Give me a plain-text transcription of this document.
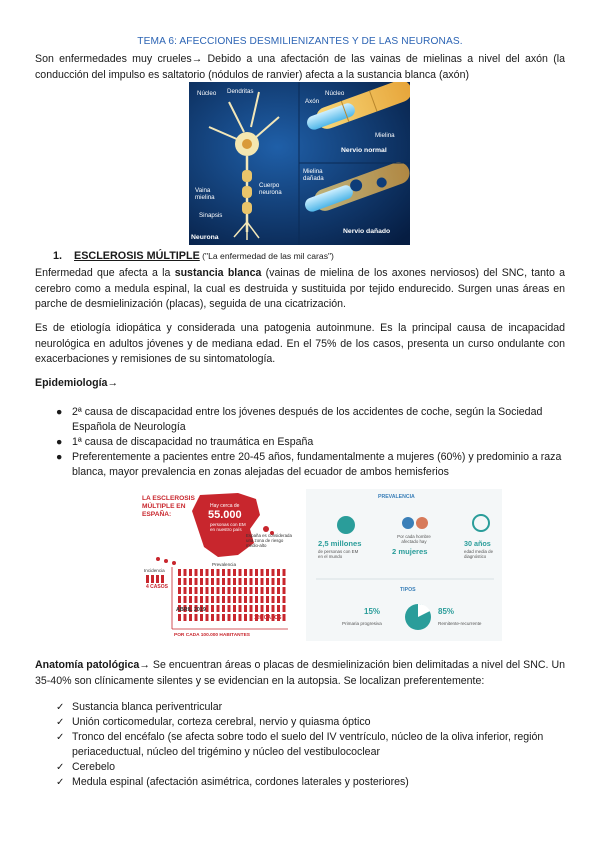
TEMA 6: AFECCIONES DESMILIENIZANTES Y DE LAS NEURONAS.

Son enfermedades muy crueles→ Debido a una afectación de las vainas de mielinas a nivel del axón (la conducción del impulso es saltatorio (nódulos de ranvier) afecta a la sustancia blanca (axón)

Núcleo Dendritas
Axón
Núcleo
Mielina
Nervio normal
Vaina
mielina
Cuerpo
neurona
Sinapsis
Neurona
Mielina
dañada
Nervio dañado
1. ESCLEROSIS MÚLTIPLE ("La enfermedad de las mil caras")

Enfermedad que afecta a la sustancia blanca (vainas de mielina de los axones nerviosos) del SNC, tanto a cerebro como a medula espinal, la cual es destruida y sustituida por tejido endurecido. Surgen unas áreas en parche de desmielinización (placas), seguida de una cicatrización.

Es de etiología idiopática y considerada una patogenia autoinmune. Es la principal causa de incapacidad neurológica en adultos jóvenes y de mediana edad. En el 75% de los casos, presenta un curso ondulante con exacerbaciones y remisiones de su sintomatología.

Epidemiología→
● 2ª causa de discapacidad entre los jóvenes después de los accidentes de coche, según la Sociedad Española de Neurología
● 1ª causa de discapacidad no traumática en España
● Preferentemente a pacientes entre 20-45 años, fundamentalmente a mujeres (60%) y predominio a raza blanca, mayor prevalencia en zonas alejadas del ecuador de ambos hemisferios
LA ESCLEROSIS MÚLTIPLE EN ESPAÑA:
Hay cerca de
55.000
personas con EM en nuestro país
España es considerada una zona de riesgo medio-alto
Incidencia
4 CASOS
Prevalencia
ABRIL 2019
120 CASOS
POR CADA 100.000 HABITANTES
PREVALENCIA
2,5 millones
de personas con EM en el mundo
Por cada hombre afectado hay
2 mujeres
30 años
edad media de diagnóstico
TIPOS
15%
Primaria progresiva
85%
Remitente-recurrente

Anatomía patológica→ Se encuentran áreas o placas de desmielinización bien delimitadas a nivel del SNC. Un 35-40% son clínicamente silentes y se evidencian en la autopsia. Se localizan preferentemente:

✓ Sustancia blanca periventricular
✓ Unión corticomedular, corteza cerebral, nervio y quiasma óptico
✓ Tronco del encéfalo (se afecta sobre todo el suelo del IV ventrículo, núcleo de la oliva inferior, región periaceductual, núcleo del trigémino y núcleo del vestibulococlear
✓ Cerebelo
✓ Medula espinal (afectación asimétrica, cordones laterales y posteriores)
